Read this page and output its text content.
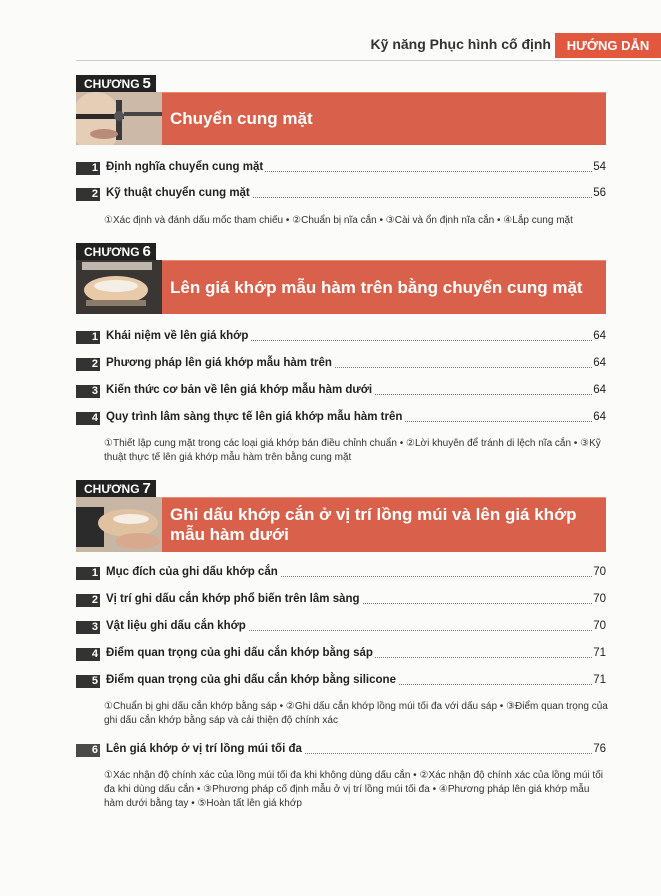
Kỹ năng Phục hình cố định	HƯỚNG DẪN
CHƯƠNG 5
Chuyển cung mặt
1 Định nghĩa chuyển cung mặt	54
2 Kỹ thuật chuyển cung mặt	56
①Xác định và đánh dấu mốc tham chiếu • ②Chuẩn bị nĩa cắn • ③Cài và ổn định nĩa cắn • ④Lắp cung mặt
CHƯƠNG 6
Lên giá khớp mẫu hàm trên bằng chuyển cung mặt
1 Khái niệm về lên giá khớp	64
2 Phương pháp lên giá khớp mẫu hàm trên	64
3 Kiến thức cơ bản về lên giá khớp mẫu hàm dưới	64
4 Quy trình lâm sàng thực tế lên giá khớp mẫu hàm trên	64
①Thiết lập cung mặt trong các loại giá khớp bán điều chỉnh chuẩn • ②Lời khuyên để tránh di lệch nĩa cắn • ③Kỹ thuật thực tế lên giá khớp mẫu hàm trên bằng cung mặt
CHƯƠNG 7
Ghi dấu khớp cắn ở vị trí lồng múi và lên giá khớp mẫu hàm dưới
1 Mục đích của ghi dấu khớp cắn	70
2 Vị trí ghi dấu cắn khớp phổ biến trên lâm sàng	70
3 Vật liệu ghi dấu cắn khớp	70
4 Điểm quan trọng của ghi dấu cắn khớp bằng sáp	71
5 Điểm quan trọng của ghi dấu cắn khớp bằng silicone	71
①Chuẩn bị ghi dấu cắn khớp bằng sáp • ②Ghi dấu cắn khớp lồng múi tối đa với dấu sáp • ③Điểm quan trọng của ghi dấu cắn khớp bằng sáp và cải thiện độ chính xác
6 Lên giá khớp ở vị trí lồng múi tối đa	76
①Xác nhận độ chính xác của lồng múi tối đa khi không dùng dấu cắn • ②Xác nhận độ chính xác của lồng múi tối đa khi dùng dấu cắn • ③Phương pháp cố định mẫu ở vị trí lồng múi tối đa • ④Phương pháp lên giá khớp mẫu hàm dưới bằng tay • ⑤Hoàn tất lên giá khớp
